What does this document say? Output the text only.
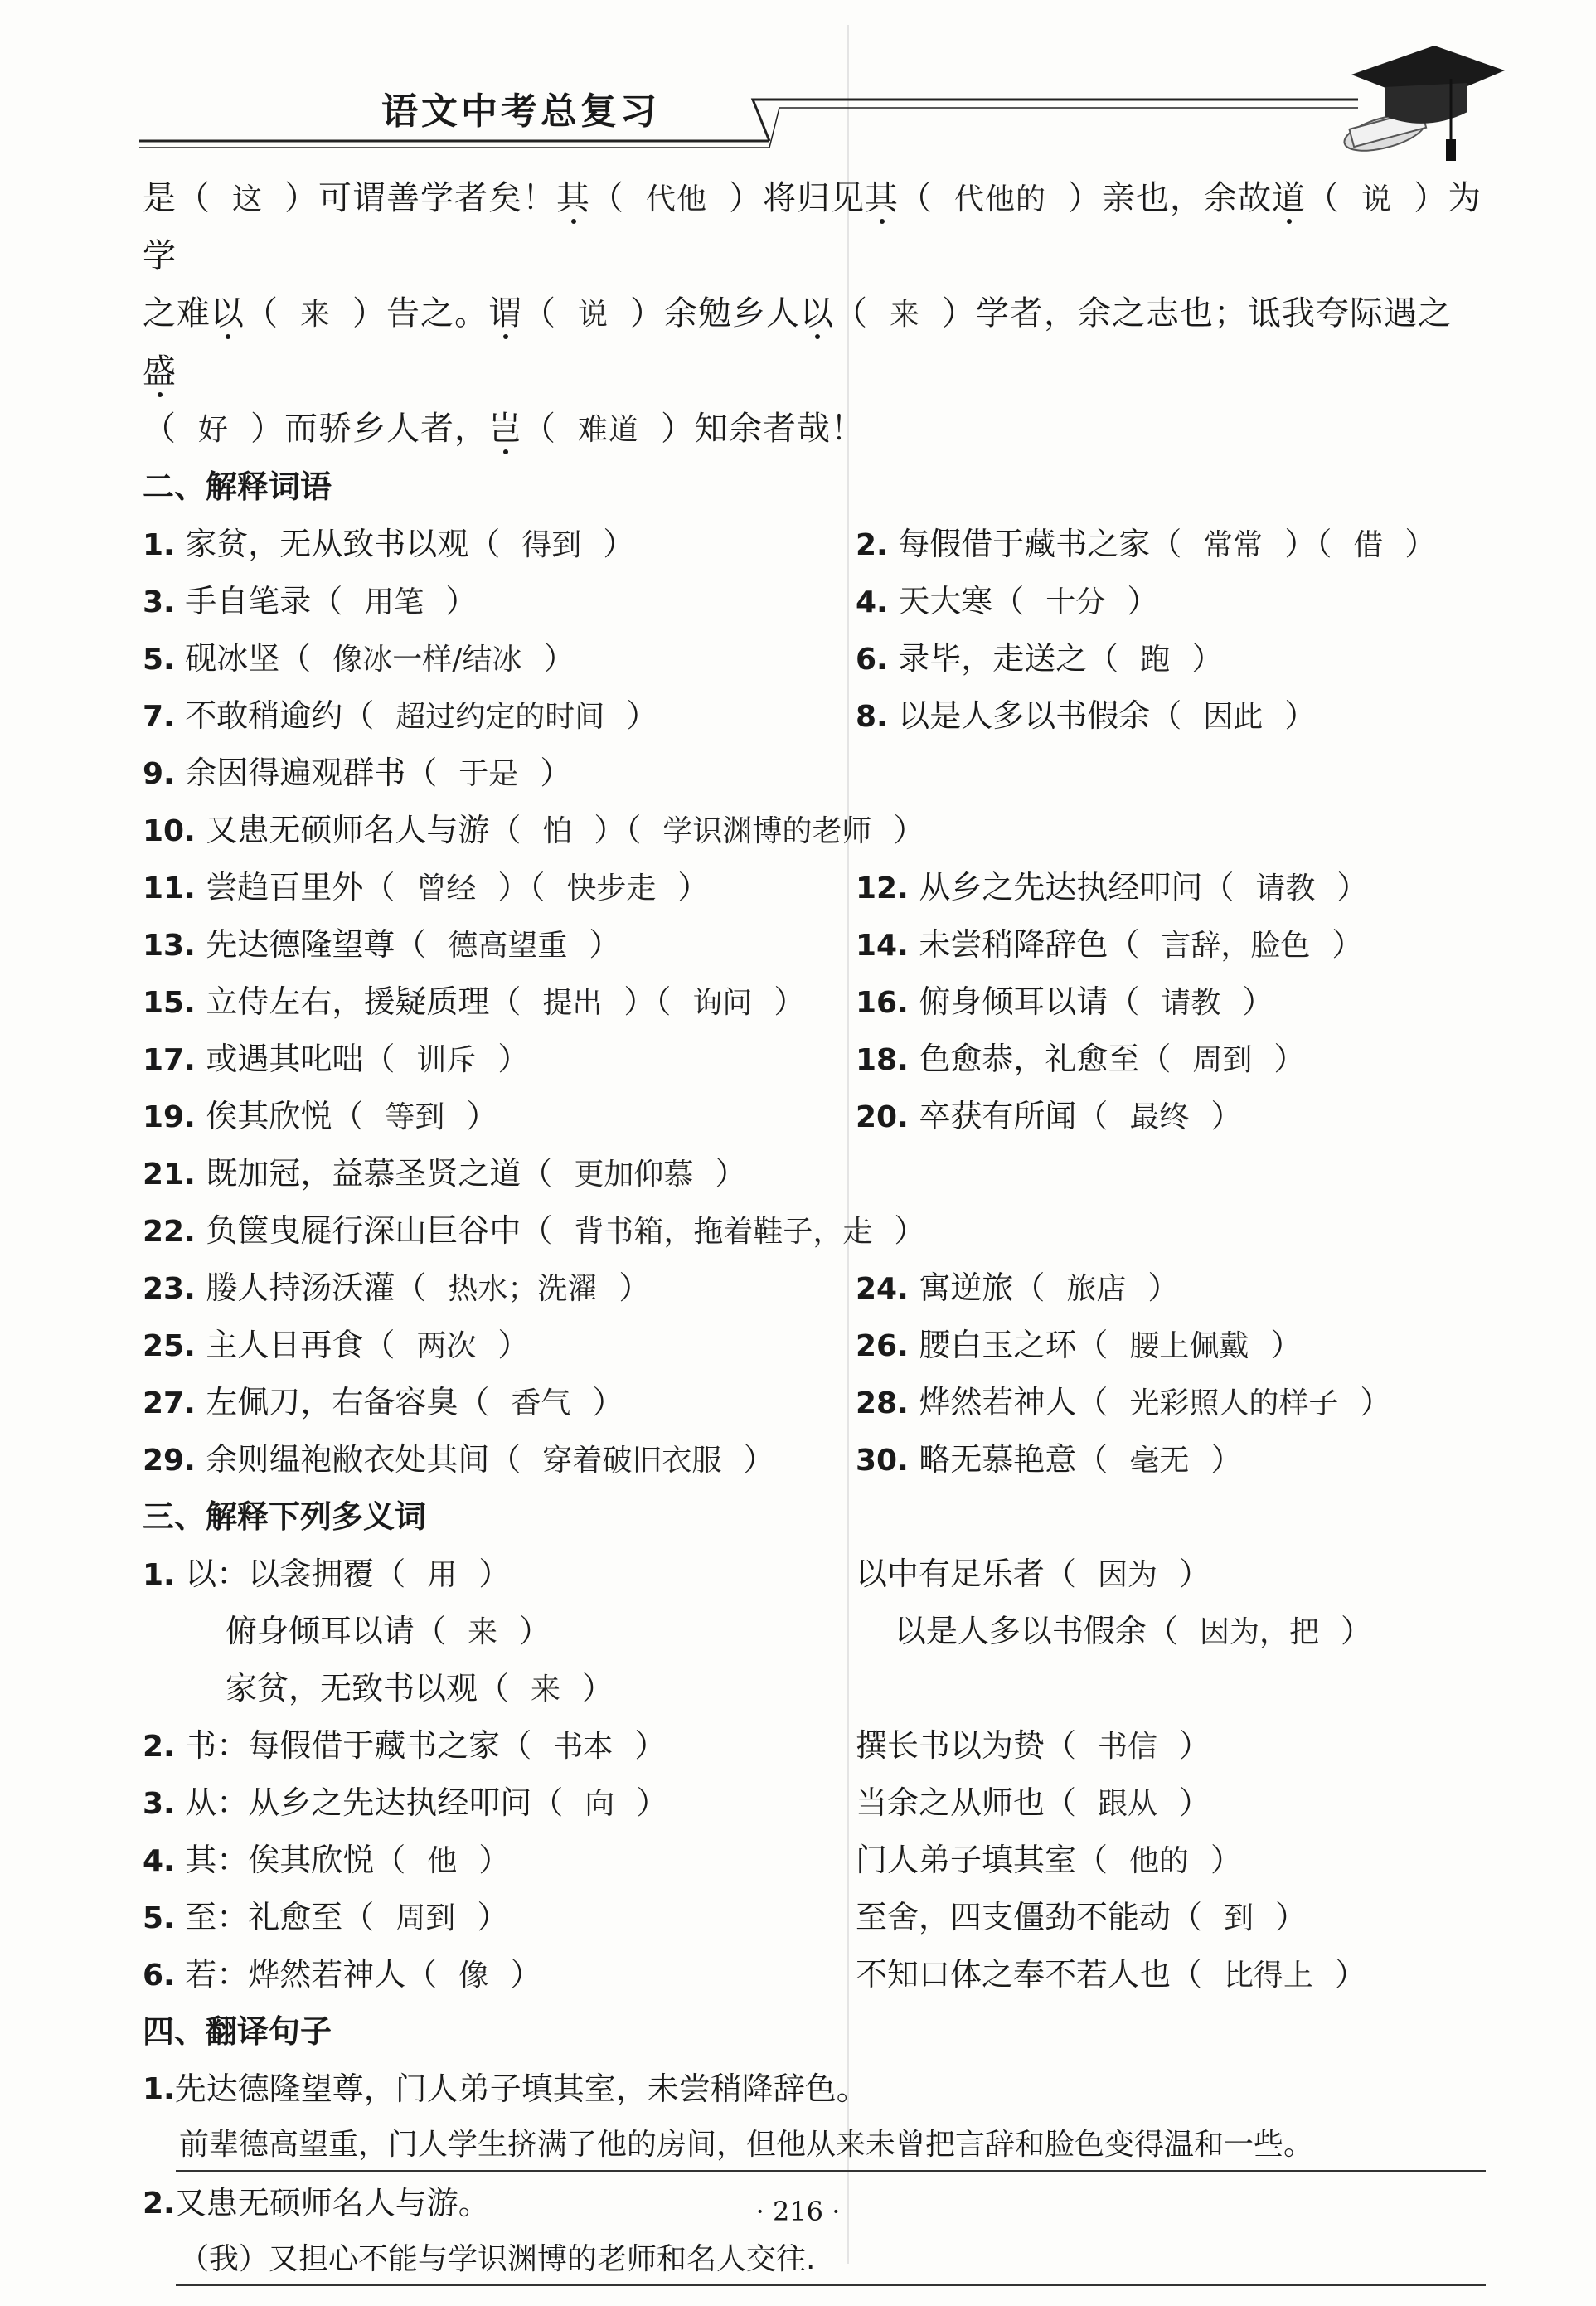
语文中考总复习
是（ 这 ）可谓善学者矣！其（ 代他 ）将归见其（ 代他的 ）亲也，余故道（ 说 ）为学
之难以（ 来 ）告之。谓（ 说 ）余勉乡人以（ 来 ）学者，余之志也；诋我夸际遇之盛
（ 好 ）而骄乡人者，岂（ 难道 ）知余者哉！
二、解释词语
1. 家贫，无从致书以观（ 得到 ）	2. 每假借于藏书之家（ 常常 ）（ 借 ）
3. 手自笔录（ 用笔 ）	4. 天大寒（ 十分 ）
5. 砚冰坚（ 像冰一样/结冰 ）	6. 录毕，走送之（ 跑 ）
7. 不敢稍逾约（ 超过约定的时间 ）	8. 以是人多以书假余（ 因此 ）
9. 余因得遍观群书（ 于是 ）
10. 又患无硕师名人与游（ 怕 ）（ 学识渊博的老师 ）
11. 尝趋百里外（ 曾经 ）（ 快步走 ）	12. 从乡之先达执经叩问（ 请教 ）
13. 先达德隆望尊（ 德高望重 ）	14. 未尝稍降辞色（ 言辞，脸色 ）
15. 立侍左右，援疑质理（ 提出 ）（ 询问 ）	16. 俯身倾耳以请（ 请教 ）
17. 或遇其叱咄（ 训斥 ）	18. 色愈恭，礼愈至（ 周到 ）
19. 俟其欣悦（ 等到 ）	20. 卒获有所闻（ 最终 ）
21. 既加冠，益慕圣贤之道（ 更加仰慕 ）
22. 负箧曳屣行深山巨谷中（ 背书箱，拖着鞋子，走 ）
23. 媵人持汤沃灌（ 热水；洗濯 ）	24. 寓逆旅（ 旅店 ）
25. 主人日再食（ 两次 ）	26. 腰白玉之环（ 腰上佩戴 ）
27. 左佩刀，右备容臭（ 香气 ）	28. 烨然若神人（ 光彩照人的样子 ）
29. 余则缊袍敝衣处其间（ 穿着破旧衣服 ）	30. 略无慕艳意（ 毫无 ）
三、解释下列多义词
1. 以：以衾拥覆（ 用 ）	以中有足乐者（ 因为 ）
俯身倾耳以请（ 来 ）	以是人多以书假余（ 因为，把 ）
家贫，无致书以观（ 来 ）
2. 书：每假借于藏书之家（ 书本 ）	撰长书以为贽（ 书信 ）
3. 从：从乡之先达执经叩问（ 向 ）	当余之从师也（ 跟从 ）
4. 其：俟其欣悦（ 他 ）	门人弟子填其室（ 他的 ）
5. 至：礼愈至（ 周到 ）	至舍，四支僵劲不能动（ 到 ）
6. 若：烨然若神人（ 像 ）	不知口体之奉不若人也（ 比得上 ）
四、翻译句子
1. 先达德隆望尊，门人弟子填其室，未尝稍降辞色。
前辈德高望重，门人学生挤满了他的房间，但他从来未曾把言辞和脸色变得温和一些。
2. 又患无硕师名人与游。
（我）又担心不能与学识渊博的老师和名人交往.
· 216 ·
